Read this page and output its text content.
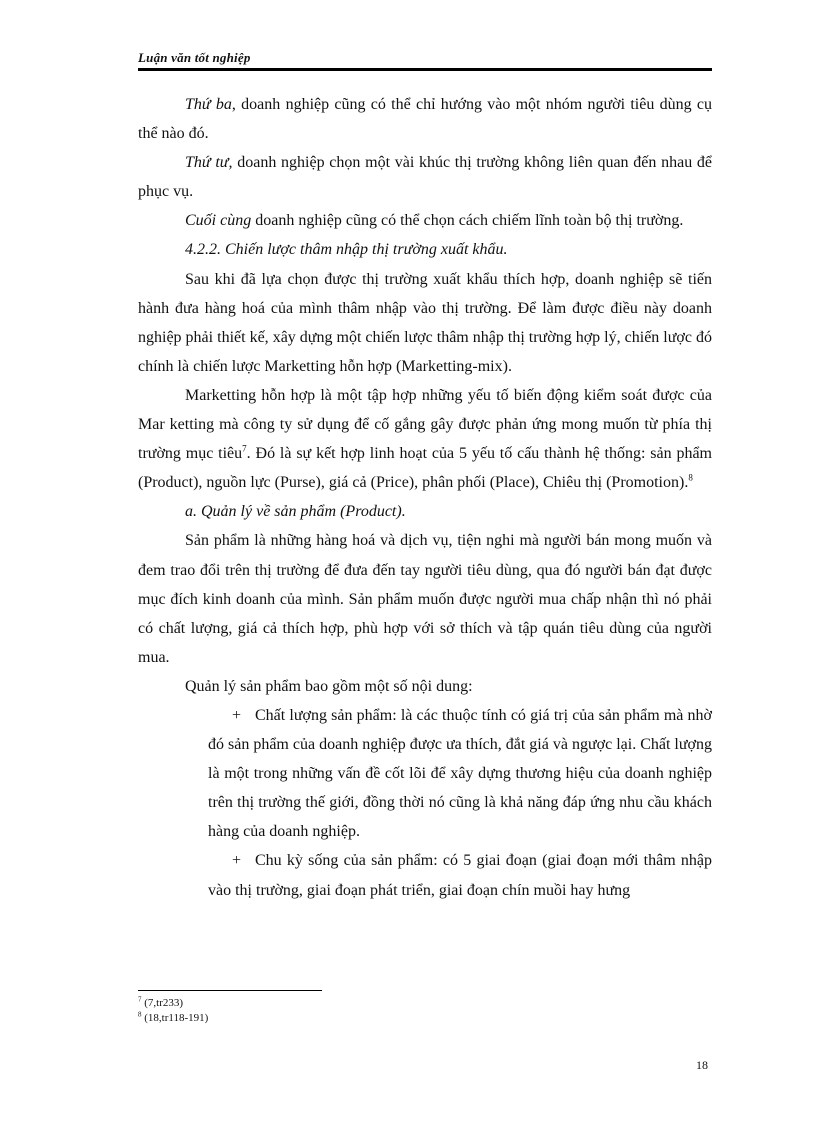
Luận văn tốt nghiệp

Thứ ba, doanh nghiệp cũng có thể chỉ hướng vào một nhóm người tiêu dùng cụ thể nào đó.

Thứ tư, doanh nghiệp chọn một vài khúc thị trường không liên quan đến nhau để phục vụ.

Cuối cùng doanh nghiệp cũng có thể chọn cách chiếm lĩnh toàn bộ thị trường.

4.2.2. Chiến lược thâm nhập thị trường xuất khẩu.

Sau khi đã lựa chọn được thị trường xuất khẩu thích hợp, doanh nghiệp sẽ tiến hành đưa hàng hoá của mình thâm nhập vào thị trường. Để làm được điều này doanh nghiệp phải thiết kế, xây dựng một chiến lược thâm nhập thị trường hợp lý, chiến lược đó chính là chiến lược Marketting hỗn hợp (Marketting-mix).

Marketting hỗn hợp là một tập hợp những yếu tố biến động kiểm soát được của Mar ketting mà công ty sử dụng để cố gắng gây được phản ứng mong muốn từ phía thị trường mục tiêu$^7$. Đó là sự kết hợp linh hoạt của 5 yếu tố cấu thành hệ thống: sản phẩm (Product), nguồn lực (Purse), giá cả (Price), phân phối (Place), Chiêu thị (Promotion).$^8$

a. Quản lý về sản phẩm (Product).

Sản phẩm là những hàng hoá và dịch vụ, tiện nghi mà người bán mong muốn và đem trao đổi trên thị trường để đưa đến tay người tiêu dùng, qua đó người bán đạt được mục đích kinh doanh của mình. Sản phẩm muốn được người mua chấp nhận thì nó phải có chất lượng, giá cả thích hợp, phù hợp với sở thích và tập quán tiêu dùng của người mua.

Quản lý sản phẩm bao gồm một số nội dung:

+ Chất lượng sản phẩm: là các thuộc tính có giá trị của sản phẩm mà nhờ đó sản phẩm của doanh nghiệp được ưa thích, đắt giá và ngược lại. Chất lượng là một trong những vấn đề cốt lõi để xây dựng thương hiệu của doanh nghiệp trên thị trường thế giới, đồng thời nó cũng là khả năng đáp ứng nhu cầu khách hàng của doanh nghiệp.

+ Chu kỳ sống của sản phẩm: có 5 giai đoạn (giai đoạn mới thâm nhập vào thị trường, giai đoạn phát triển, giai đoạn chín muồi hay hưng

$^7$ (7,tr233)
$^8$ (18,tr118-191)
18
